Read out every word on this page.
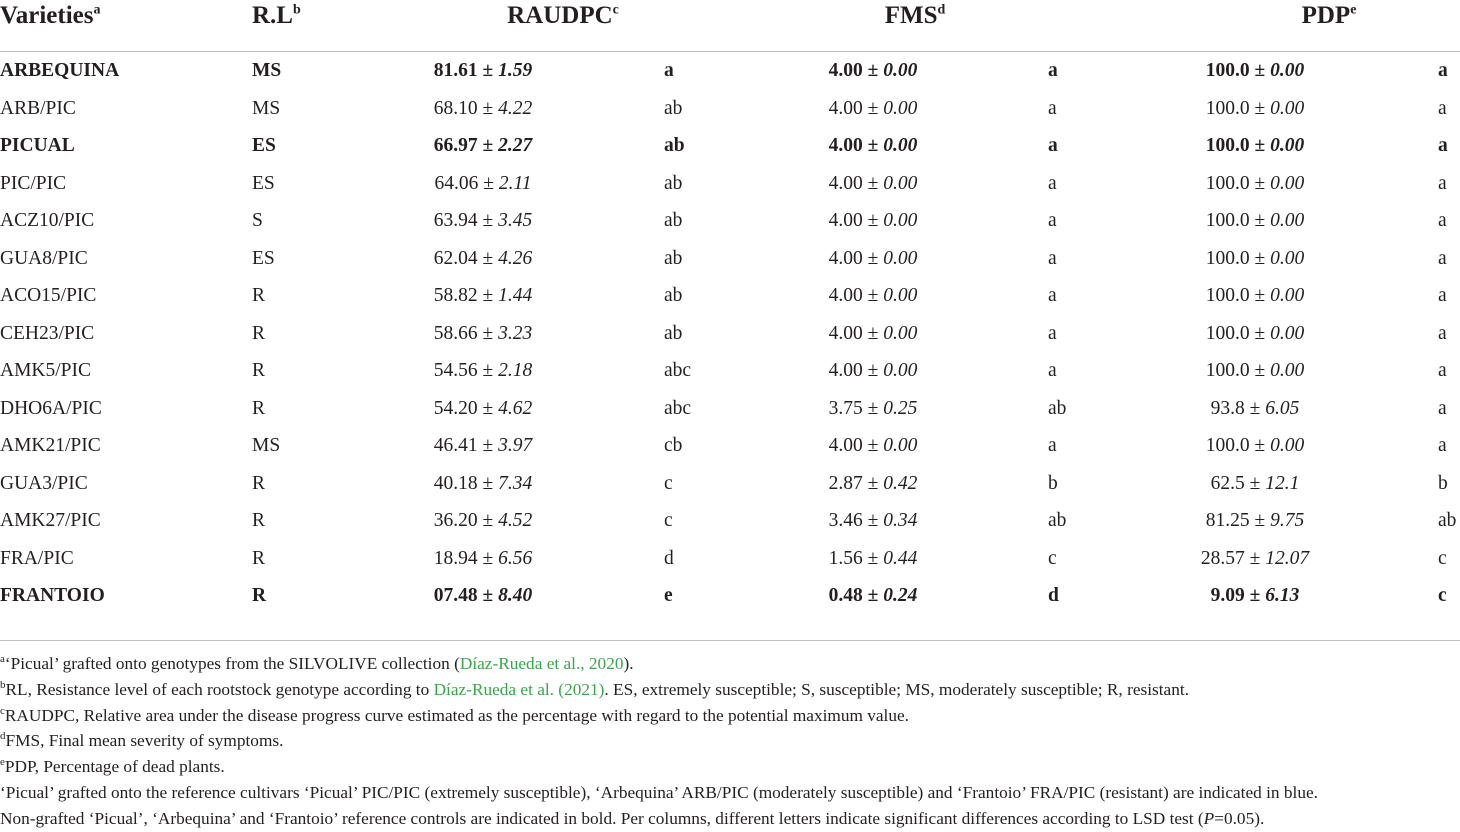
Varieties$^a$	$R.L^b$	RAUDPC$^c$	FMS$^d$	PDP$^e$
ARBEQUINA	MS	81.61 ± 1.59	a	4.00 ± 0.00	a	100.0 ± 0.00	a
ARB/PIC	MS	68.10 ± 4.22	ab	4.00 ± 0.00	a	100.0 ± 0.00	a
PICUAL	ES	66.97 ± 2.27	ab	4.00 ± 0.00	a	100.0 ± 0.00	a
PIC/PIC	ES	64.06 ± 2.11	ab	4.00 ± 0.00	a	100.0 ± 0.00	a
ACZ10/PIC	S	63.94 ± 3.45	ab	4.00 ± 0.00	a	100.0 ± 0.00	a
GUA8/PIC	ES	62.04 ± 4.26	ab	4.00 ± 0.00	a	100.0 ± 0.00	a
ACO15/PIC	R	58.82 ± 1.44	ab	4.00 ± 0.00	a	100.0 ± 0.00	a
CEH23/PIC	R	58.66 ± 3.23	ab	4.00 ± 0.00	a	100.0 ± 0.00	a
AMK5/PIC	R	54.56 ± 2.18	abc	4.00 ± 0.00	a	100.0 ± 0.00	a
DHO6A/PIC	R	54.20 ± 4.62	abc	3.75 ± 0.25	ab	93.8 ± 6.05	a
AMK21/PIC	MS	46.41 ± 3.97	cb	4.00 ± 0.00	a	100.0 ± 0.00	a
GUA3/PIC	R	40.18 ± 7.34	c	2.87 ± 0.42	b	62.5 ± 12.1	b
AMK27/PIC	R	36.20 ± 4.52	c	3.46 ± 0.34	ab	81.25 ± 9.75	ab
FRA/PIC	R	18.94 ± 6.56	d	1.56 ± 0.44	c	28.57 ± 12.07	c
FRANTOIO	R	07.48 ± 8.40	e	0.48 ± 0.24	d	9.09 ± 6.13	c
$^a$‘Picual’ grafted onto genotypes from the SILVOLIVE collection (Díaz-Rueda et al., 2020).
$^b$RL, Resistance level of each rootstock genotype according to Díaz-Rueda et al. (2021). ES, extremely susceptible; S, susceptible; MS, moderately susceptible; R, resistant.
$^c$RAUDPC, Relative area under the disease progress curve estimated as the percentage with regard to the potential maximum value.
$^d$FMS, Final mean severity of symptoms.
$^e$PDP, Percentage of dead plants.
‘Picual’ grafted onto the reference cultivars ‘Picual’ PIC/PIC (extremely susceptible), ‘Arbequina’ ARB/PIC (moderately susceptible) and ‘Frantoio’ FRA/PIC (resistant) are indicated in blue.
Non-grafted ‘Picual’, ‘Arbequina’ and ‘Frantoio’ reference controls are indicated in bold. Per columns, different letters indicate significant differences according to LSD test (P=0.05).
